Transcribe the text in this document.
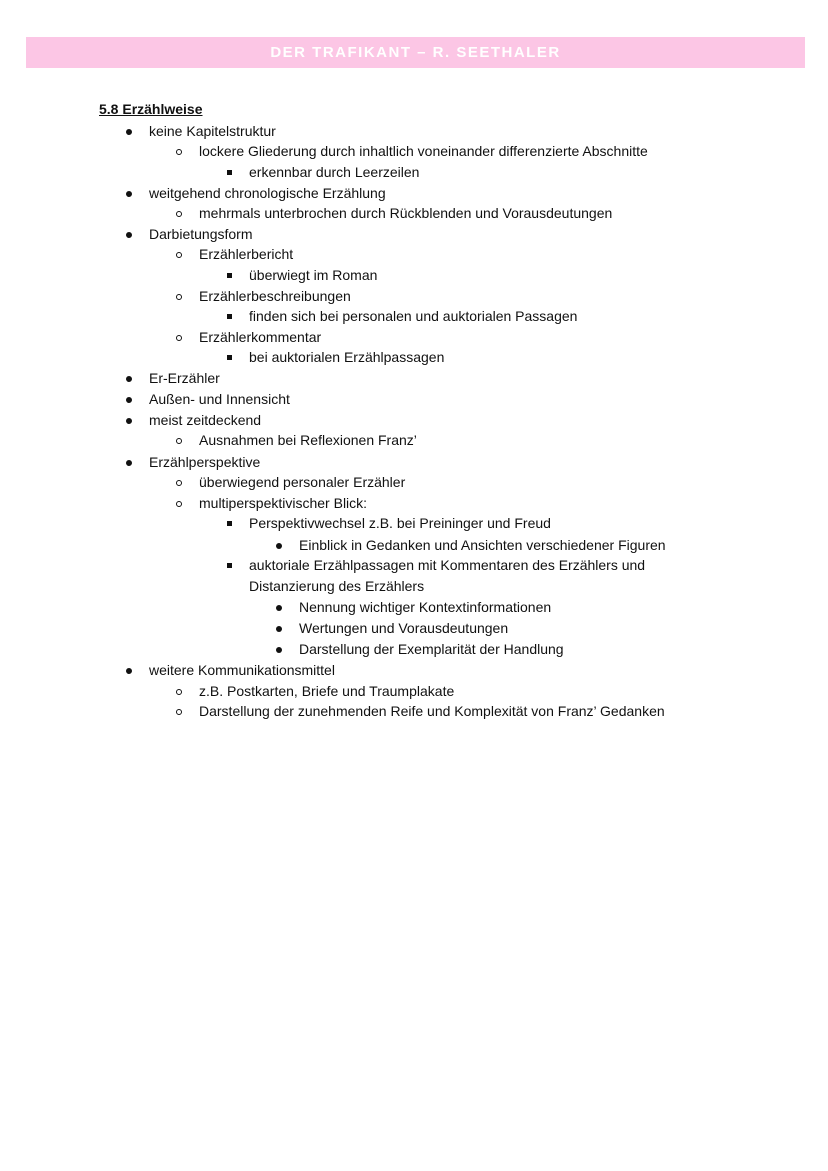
DER TRAFIKANT – R. SEETHALER
5.8 Erzählweise
keine Kapitelstruktur
lockere Gliederung durch inhaltlich voneinander differenzierte Abschnitte
erkennbar durch Leerzeilen
weitgehend chronologische Erzählung
mehrmals unterbrochen durch Rückblenden und Vorausdeutungen
Darbietungsform
Erzählerbericht
überwiegt im Roman
Erzählerbeschreibungen
finden sich bei personalen und auktorialen Passagen
Erzählerkommentar
bei auktorialen Erzählpassagen
Er-Erzähler
Außen- und Innensicht
meist zeitdeckend
Ausnahmen bei Reflexionen Franz’
Erzählperspektive
überwiegend personaler Erzähler
multiperspektivischer Blick:
Perspektivwechsel z.B. bei Preininger und Freud
Einblick in Gedanken und Ansichten verschiedener Figuren
auktoriale Erzählpassagen mit Kommentaren des Erzählers und
Distanzierung des Erzählers
Nennung wichtiger Kontextinformationen
Wertungen und Vorausdeutungen
Darstellung der Exemplarität der Handlung
weitere Kommunikationsmittel
z.B. Postkarten, Briefe und Traumplakate
Darstellung der zunehmenden Reife und Komplexität von Franz’ Gedanken
